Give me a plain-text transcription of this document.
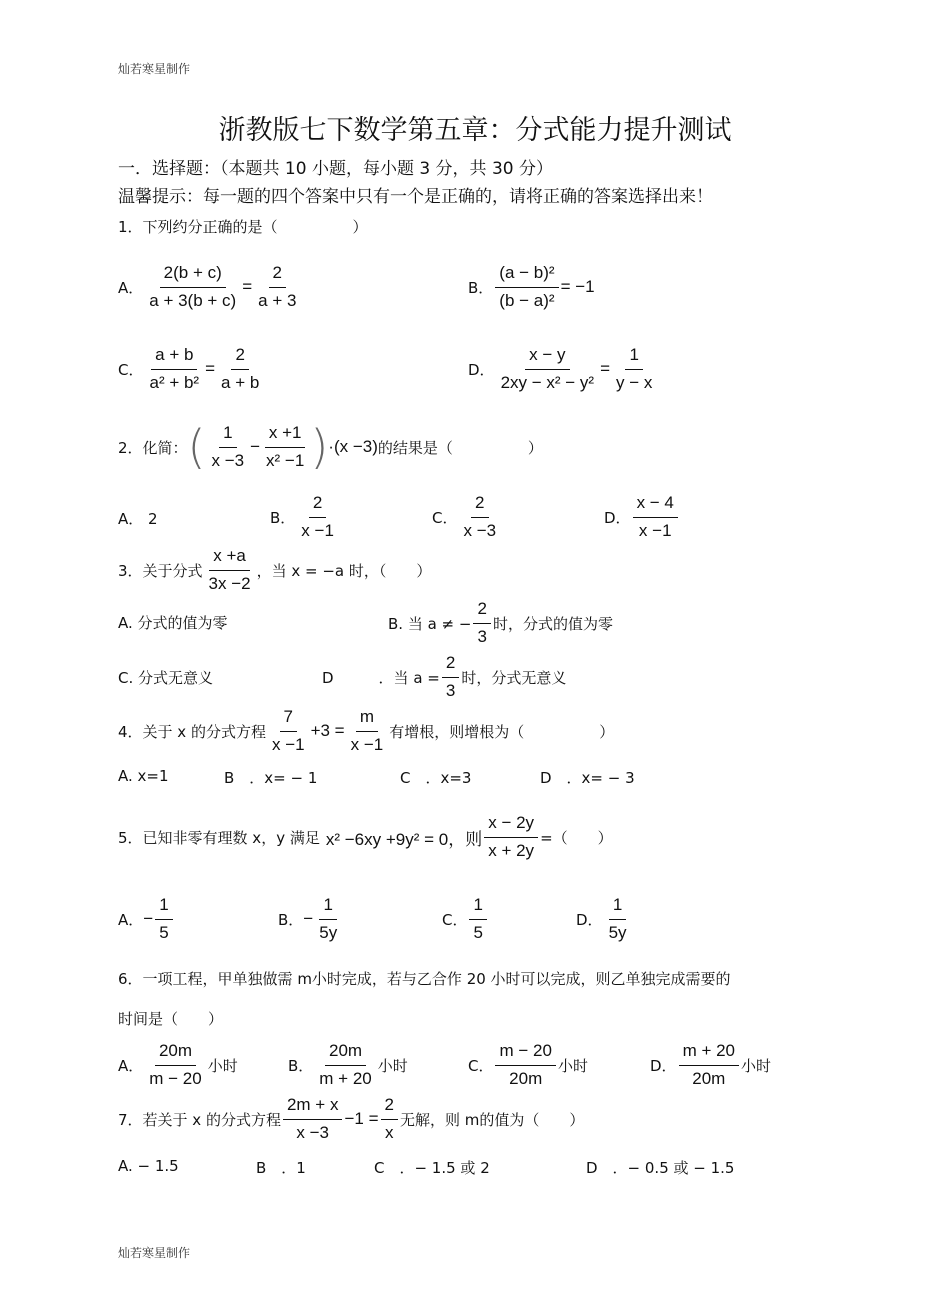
灿若寒星制作
浙教版七下数学第五章：分式能力提升测试
一．选择题：（本题共 10 小题，每小题 3 分，共 30 分）
温馨提示：每一题的四个答案中只有一个是正确的，请将正确的答案选择出来！
1．下列约分正确的是（　　　　　）
A． $\frac{2(b + c)}{a + 3(b + c)} = \frac{2}{a + 3}$	B． $\frac{\text{(a − b)²}}{\text{(b − a)²}} = -1$
C． $\frac{a + b}{\text{a² + b²}} = \frac{2}{a + b}$	D． $\frac{x - y}{\text{2xy − x² − y²}} = \frac{1}{y - x}$
2．化简： ( $\frac{1}{x -3} - \frac{x +1}{\text{x² −1}}$ ) · (x −3) 的结果是（　　　　　）
A． 2	B． $\frac{2}{x -1}$	C． $\frac{2}{x -3}$	D． $\frac{x - 4}{x -1}$
3．关于分式 $\frac{x +a}{3x -2}$ ，当 x = −a 时，（　　）
A. 分式的值为零	B. 当 a ≠ − $\frac{2}{3}$ 时，分式的值为零
C. 分式无意义	D　　　．当 $a = \frac{2}{3}$ 时，分式无意义
4．关于 x 的分式方程 $\frac{7}{x -1} +3 = \frac{m}{x -1}$ 有增根，则增根为（　　　　　）
A. x=1	B　．x= − 1	C　．x=3	D　．x= − 3
5．已知非零有理数 x，y 满足 x² −6xy +9y² = 0，则 $\frac{x - 2y}{x + 2y}$ =（　　）
A． − $\frac{1}{5}$	B． − $\frac{1}{5y}$	C． $\frac{1}{5}$	D． $\frac{1}{5y}$
6．一项工程，甲单独做需 m小时完成，若与乙合作 20 小时可以完成，则乙单独完成需要的
时间是（　　）
A． $\frac{20m}{m - 20}$ 小时	B． $\frac{20m}{m + 20}$ 小时	C． $\frac{m - 20}{20m}$ 小时	D． $\frac{m + 20}{20m}$ 小时
7．若关于 x 的分式方程 $\frac{2m + x}{x -3} -1 = \frac{2}{x}$ 无解，则 m的值为（　　）
A. − 1.5	B　．1	C　．− 1.5 或 2	D　．− 0.5 或 − 1.5
灿若寒星制作
